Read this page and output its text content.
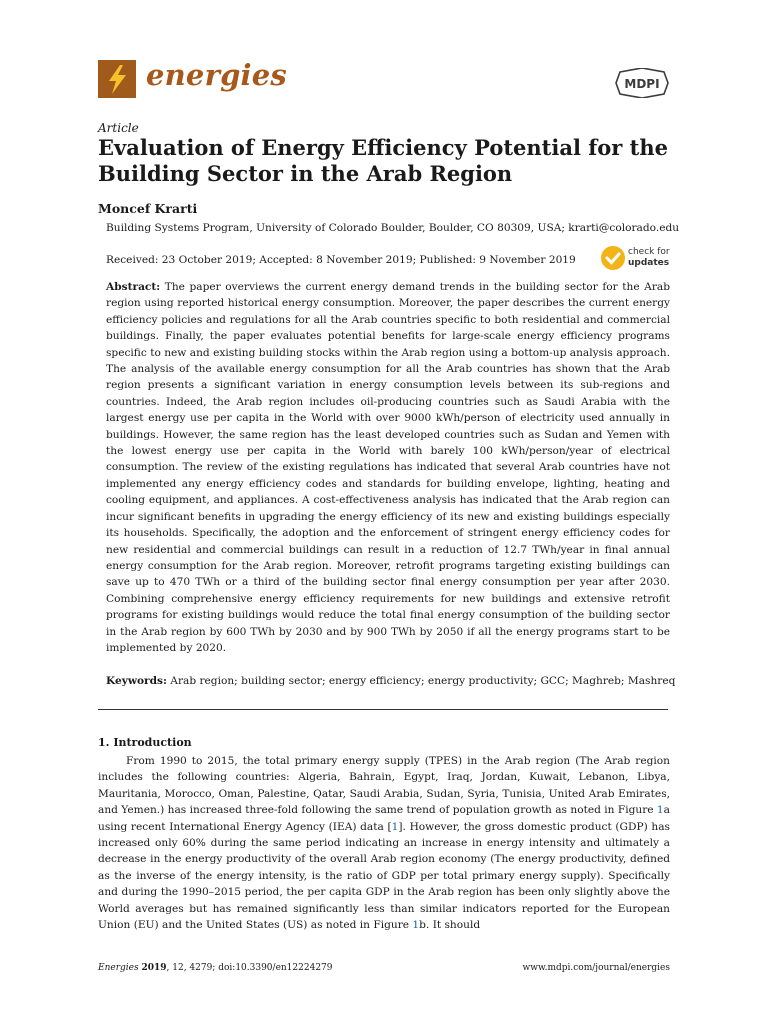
energies	MDPI
Article
Evaluation of Energy Efficiency Potential for the Building Sector in the Arab Region
Moncef Krarti
Building Systems Program, University of Colorado Boulder, Boulder, CO 80309, USA; krarti@colorado.edu
Received: 23 October 2019; Accepted: 8 November 2019; Published: 9 November 2019
check for
updates

Abstract: The paper overviews the current energy demand trends in the building sector for the Arab region using reported historical energy consumption. Moreover, the paper describes the current energy efficiency policies and regulations for all the Arab countries specific to both residential and commercial buildings. Finally, the paper evaluates potential benefits for large-scale energy efficiency programs specific to new and existing building stocks within the Arab region using a bottom-up analysis approach. The analysis of the available energy consumption for all the Arab countries has shown that the Arab region presents a significant variation in energy consumption levels between its sub-regions and countries. Indeed, the Arab region includes oil-producing countries such as Saudi Arabia with the largest energy use per capita in the World with over 9000 kWh/person of electricity used annually in buildings. However, the same region has the least developed countries such as Sudan and Yemen with the lowest energy use per capita in the World with barely 100 kWh/person/year of electrical consumption. The review of the existing regulations has indicated that several Arab countries have not implemented any energy efficiency codes and standards for building envelope, lighting, heating and cooling equipment, and appliances. A cost-effectiveness analysis has indicated that the Arab region can incur significant benefits in upgrading the energy efficiency of its new and existing buildings especially its households. Specifically, the adoption and the enforcement of stringent energy efficiency codes for new residential and commercial buildings can result in a reduction of 12.7 TWh/year in final annual energy consumption for the Arab region. Moreover, retrofit programs targeting existing buildings can save up to 470 TWh or a third of the building sector final energy consumption per year after 2030. Combining comprehensive energy efficiency requirements for new buildings and extensive retrofit programs for existing buildings would reduce the total final energy consumption of the building sector in the Arab region by 600 TWh by 2030 and by 900 TWh by 2050 if all the energy programs start to be implemented by 2020.

Keywords: Arab region; building sector; energy efficiency; energy productivity; GCC; Maghreb; Mashreq

1. Introduction

From 1990 to 2015, the total primary energy supply (TPES) in the Arab region (The Arab region includes the following countries: Algeria, Bahrain, Egypt, Iraq, Jordan, Kuwait, Lebanon, Libya, Mauritania, Morocco, Oman, Palestine, Qatar, Saudi Arabia, Sudan, Syria, Tunisia, United Arab Emirates, and Yemen.) has increased three-fold following the same trend of population growth as noted in Figure 1a using recent International Energy Agency (IEA) data [1]. However, the gross domestic product (GDP) has increased only 60% during the same period indicating an increase in energy intensity and ultimately a decrease in the energy productivity of the overall Arab region economy (The energy productivity, defined as the inverse of the energy intensity, is the ratio of GDP per total primary energy supply). Specifically and during the 1990–2015 period, the per capita GDP in the Arab region has been only slightly above the World averages but has remained significantly less than similar indicators reported for the European Union (EU) and the United States (US) as noted in Figure 1b. It should

Energies 2019, 12, 4279; doi:10.3390/en12224279	www.mdpi.com/journal/energies
